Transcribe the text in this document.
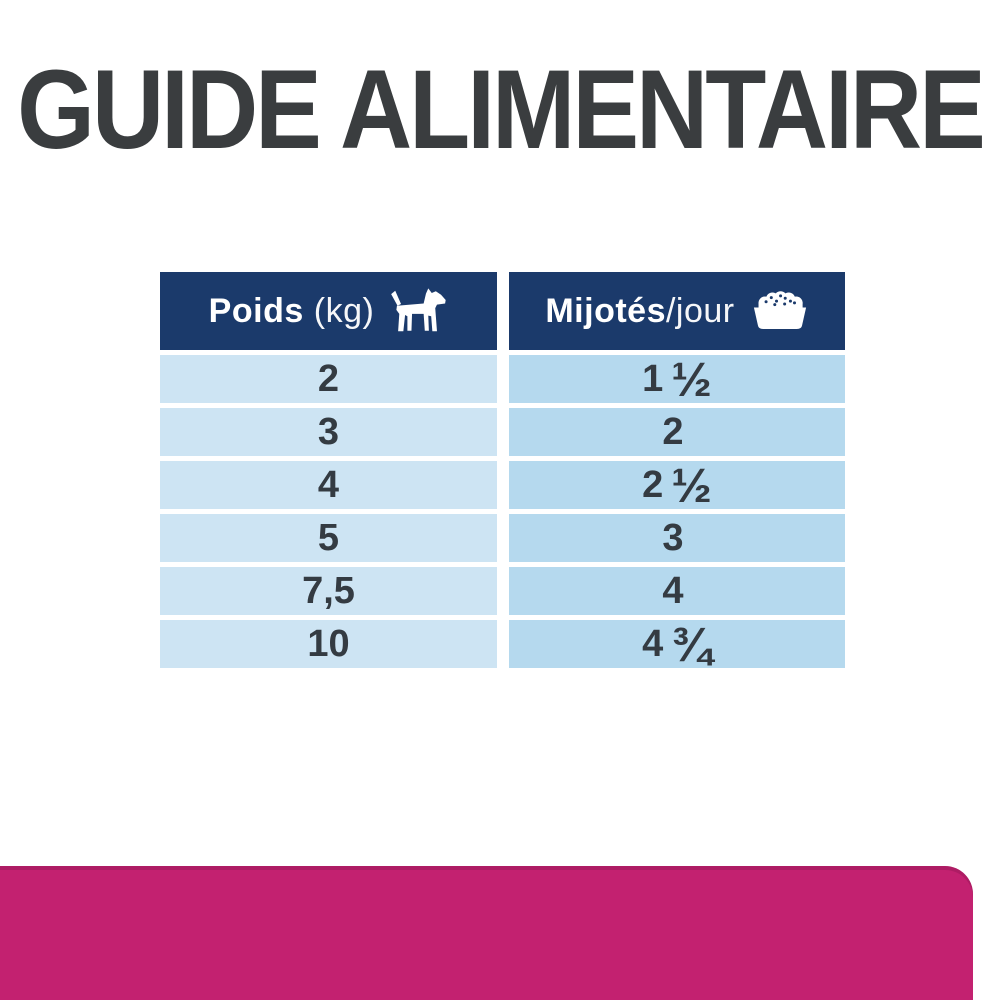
GUIDE ALIMENTAIRE
Poids (kg)	Mijotés /jour
2	1 ½
3	2
4	2 ½
5	3
7,5	4
10	4 ¾
